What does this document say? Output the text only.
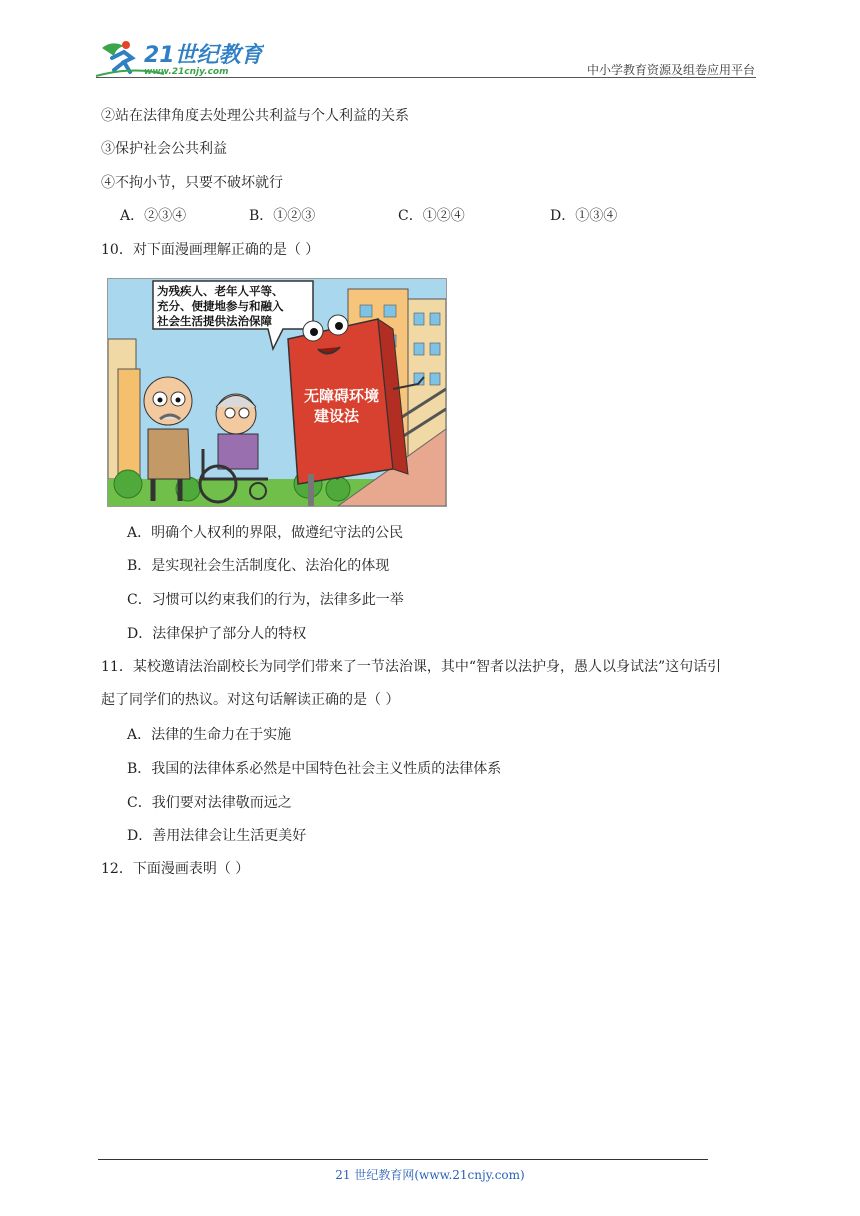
21世纪教育
www.21cnjy.com	中小学教育资源及组卷应用平台
②站在法律角度去处理公共利益与个人利益的关系
③保护社会公共利益
④不拘小节，只要不破坏就行
A．②③④	B．①②③	C．①②④	D．①③④
10．对下面漫画理解正确的是（ ）
为残疾人、老年人平等、 充分、便捷地参与和融入 社会生活提供法治保障
无障碍环境 建设法
A．明确个人权利的界限，做遵纪守法的公民
B．是实现社会生活制度化、法治化的体现
C．习惯可以约束我们的行为，法律多此一举
D．法律保护了部分人的特权
11．某校邀请法治副校长为同学们带来了一节法治课，其中“智者以法护身，愚人以身试法”这句话引
起了同学们的热议。对这句话解读正确的是（ ）
A．法律的生命力在于实施
B．我国的法律体系必然是中国特色社会主义性质的法律体系
C．我们要对法律敬而远之
D．善用法律会让生活更美好
12．下面漫画表明（ ）
21 世纪教育网(www.21cnjy.com)
